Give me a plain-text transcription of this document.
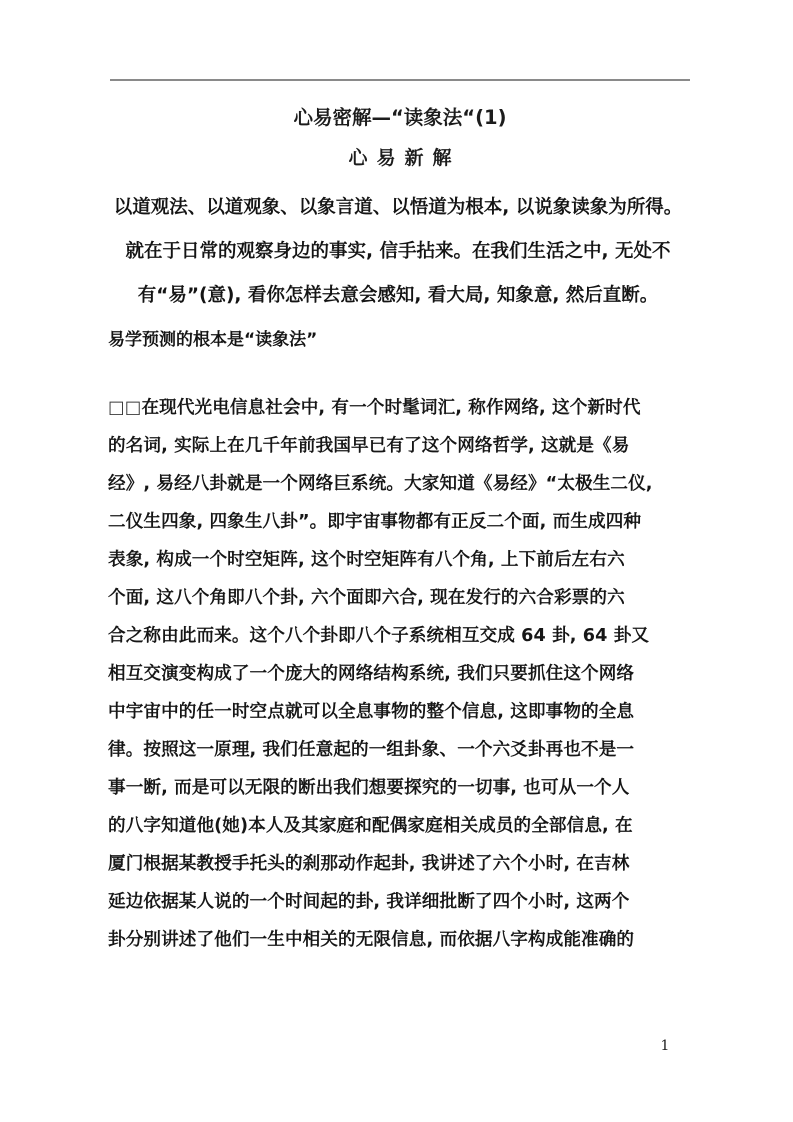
心易密解—“读象法“(1)
心易新解
以道观法、以道观象、以象言道、以悟道为根本, 以说象读象为所得。
就在于日常的观察身边的事实, 信手拈来。在我们生活之中, 无处不
有“易”(意), 看你怎样去意会感知, 看大局, 知象意, 然后直断。
易学预测的根本是“读象法”
□□在现代光电信息社会中, 有一个时髦词汇, 称作网络, 这个新时代
的名词, 实际上在几千年前我国早已有了这个网络哲学, 这就是《易
经》, 易经八卦就是一个网络巨系统。大家知道《易经》“太极生二仪,
二仪生四象, 四象生八卦”。即宇宙事物都有正反二个面, 而生成四种
表象, 构成一个时空矩阵, 这个时空矩阵有八个角, 上下前后左右六
个面, 这八个角即八个卦, 六个面即六合, 现在发行的六合彩票的六
合之称由此而来。这个八个卦即八个子系统相互交成 64 卦, 64 卦又
相互交演变构成了一个庞大的网络结构系统, 我们只要抓住这个网络
中宇宙中的任一时空点就可以全息事物的整个信息, 这即事物的全息
律。按照这一原理, 我们任意起的一组卦象、一个六爻卦再也不是一
事一断, 而是可以无限的断出我们想要探究的一切事, 也可从一个人
的八字知道他(她)本人及其家庭和配偶家庭相关成员的全部信息, 在
厦门根据某教授手托头的刹那动作起卦, 我讲述了六个小时, 在吉林
延边依据某人说的一个时间起的卦, 我详细批断了四个小时, 这两个
卦分别讲述了他们一生中相关的无限信息, 而依据八字构成能准确的
1
